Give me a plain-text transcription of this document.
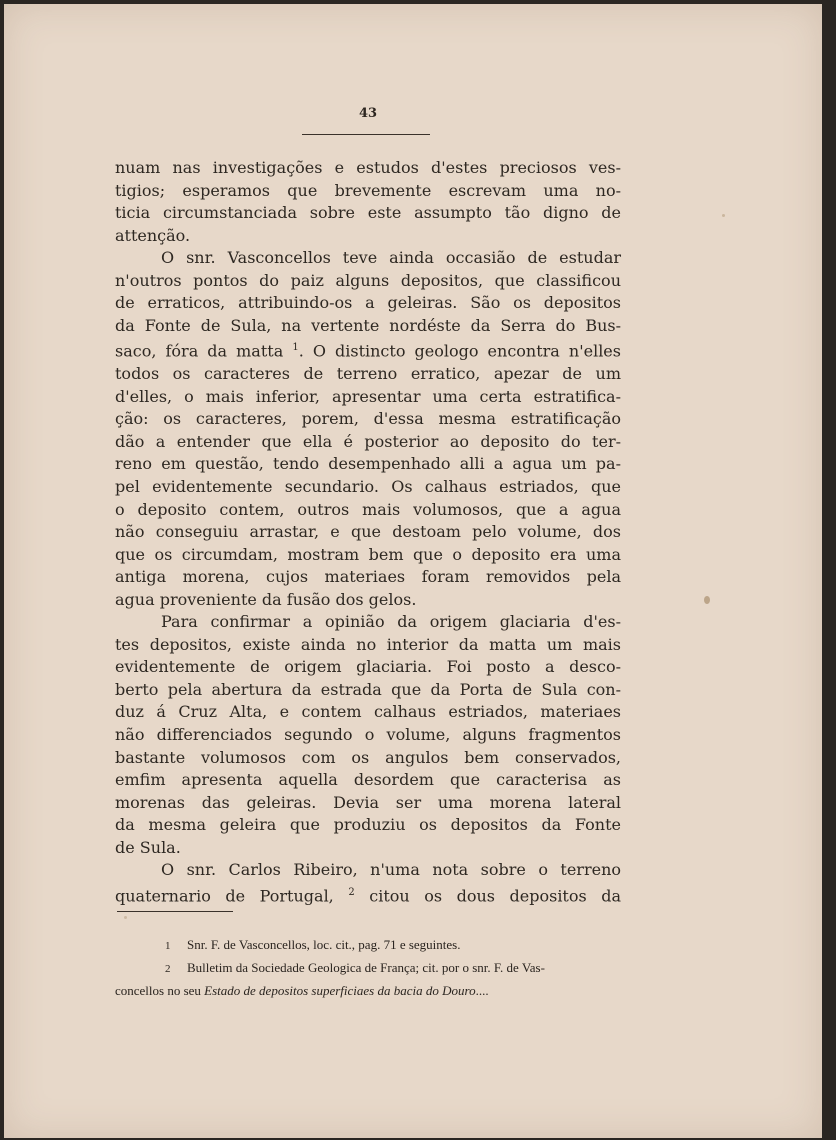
43
nuam nas investigações e estudos d'estes preciosos ves-
tigios; esperamos que brevemente escrevam uma no-
ticia circumstanciada sobre este assumpto tão digno de
attenção.
O snr. Vasconcellos teve ainda occasião de estudar
n'outros pontos do paiz alguns depositos, que classificou
de erraticos, attribuindo-os a geleiras. São os depositos
da Fonte de Sula, na vertente nordéste da Serra do Bus-
saco, fóra da matta $^1$. O distincto geologo encontra n'elles
todos os caracteres de terreno erratico, apezar de um
d'elles, o mais inferior, apresentar uma certa estratifica-
ção: os caracteres, porem, d'essa mesma estratificação
dão a entender que ella é posterior ao deposito do ter-
reno em questão, tendo desempenhado alli a agua um pa-
pel evidentemente secundario. Os calhaus estriados, que
o deposito contem, outros mais volumosos, que a agua
não conseguiu arrastar, e que destoam pelo volume, dos
que os circumdam, mostram bem que o deposito era uma
antiga morena, cujos materiaes foram removidos pela
agua proveniente da fusão dos gelos.
Para confirmar a opinião da origem glaciaria d'es-
tes depositos, existe ainda no interior da matta um mais
evidentemente de origem glaciaria. Foi posto a desco-
berto pela abertura da estrada que da Porta de Sula con-
duz á Cruz Alta, e contem calhaus estriados, materiaes
não differenciados segundo o volume, alguns fragmentos
bastante volumosos com os angulos bem conservados,
emfim apresenta aquella desordem que caracterisa as
morenas das geleiras. Devia ser uma morena lateral
da mesma geleira que produziu os depositos da Fonte
de Sula.
O snr. Carlos Ribeiro, n'uma nota sobre o terreno
quaternario de Portugal, $^2$ citou os dous depositos da
1 Snr. F. de Vasconcellos, loc. cit., pag. 71 e seguintes.
2 Bulletim da Sociedade Geologica de França; cit. por o snr. F. de Vas-
concellos no seu Estado de depositos superficiaes da bacia do Douro....
